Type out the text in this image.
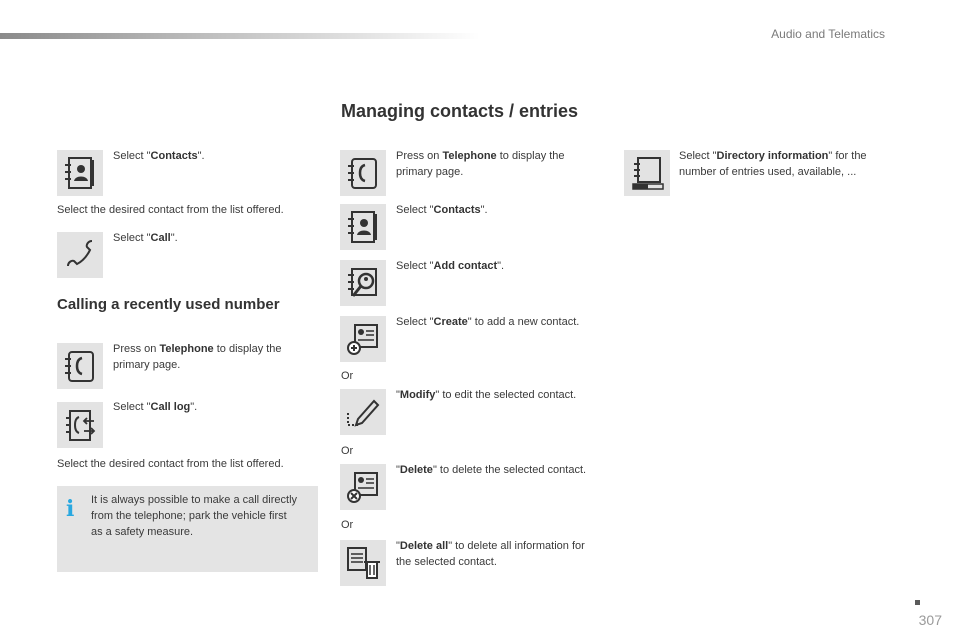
Audio and Telematics
Managing contacts / entries
Select "Contacts".
Select the desired contact from the list offered.
Select "Call".
Calling a recently used number
Press on Telephone to display the primary page.
Select "Call log".
Select the desired contact from the list offered.
i It is always possible to make a call directly from the telephone; park the vehicle first as a safety measure.
Press on Telephone to display the primary page.
Select "Contacts".
Select "Add contact".
Select "Create" to add a new contact.
Or
"Modify" to edit the selected contact.
Or
"Delete" to delete the selected contact.
Or
"Delete all" to delete all information for the selected contact.
Select "Directory information" for the number of entries used, available, ...
307
